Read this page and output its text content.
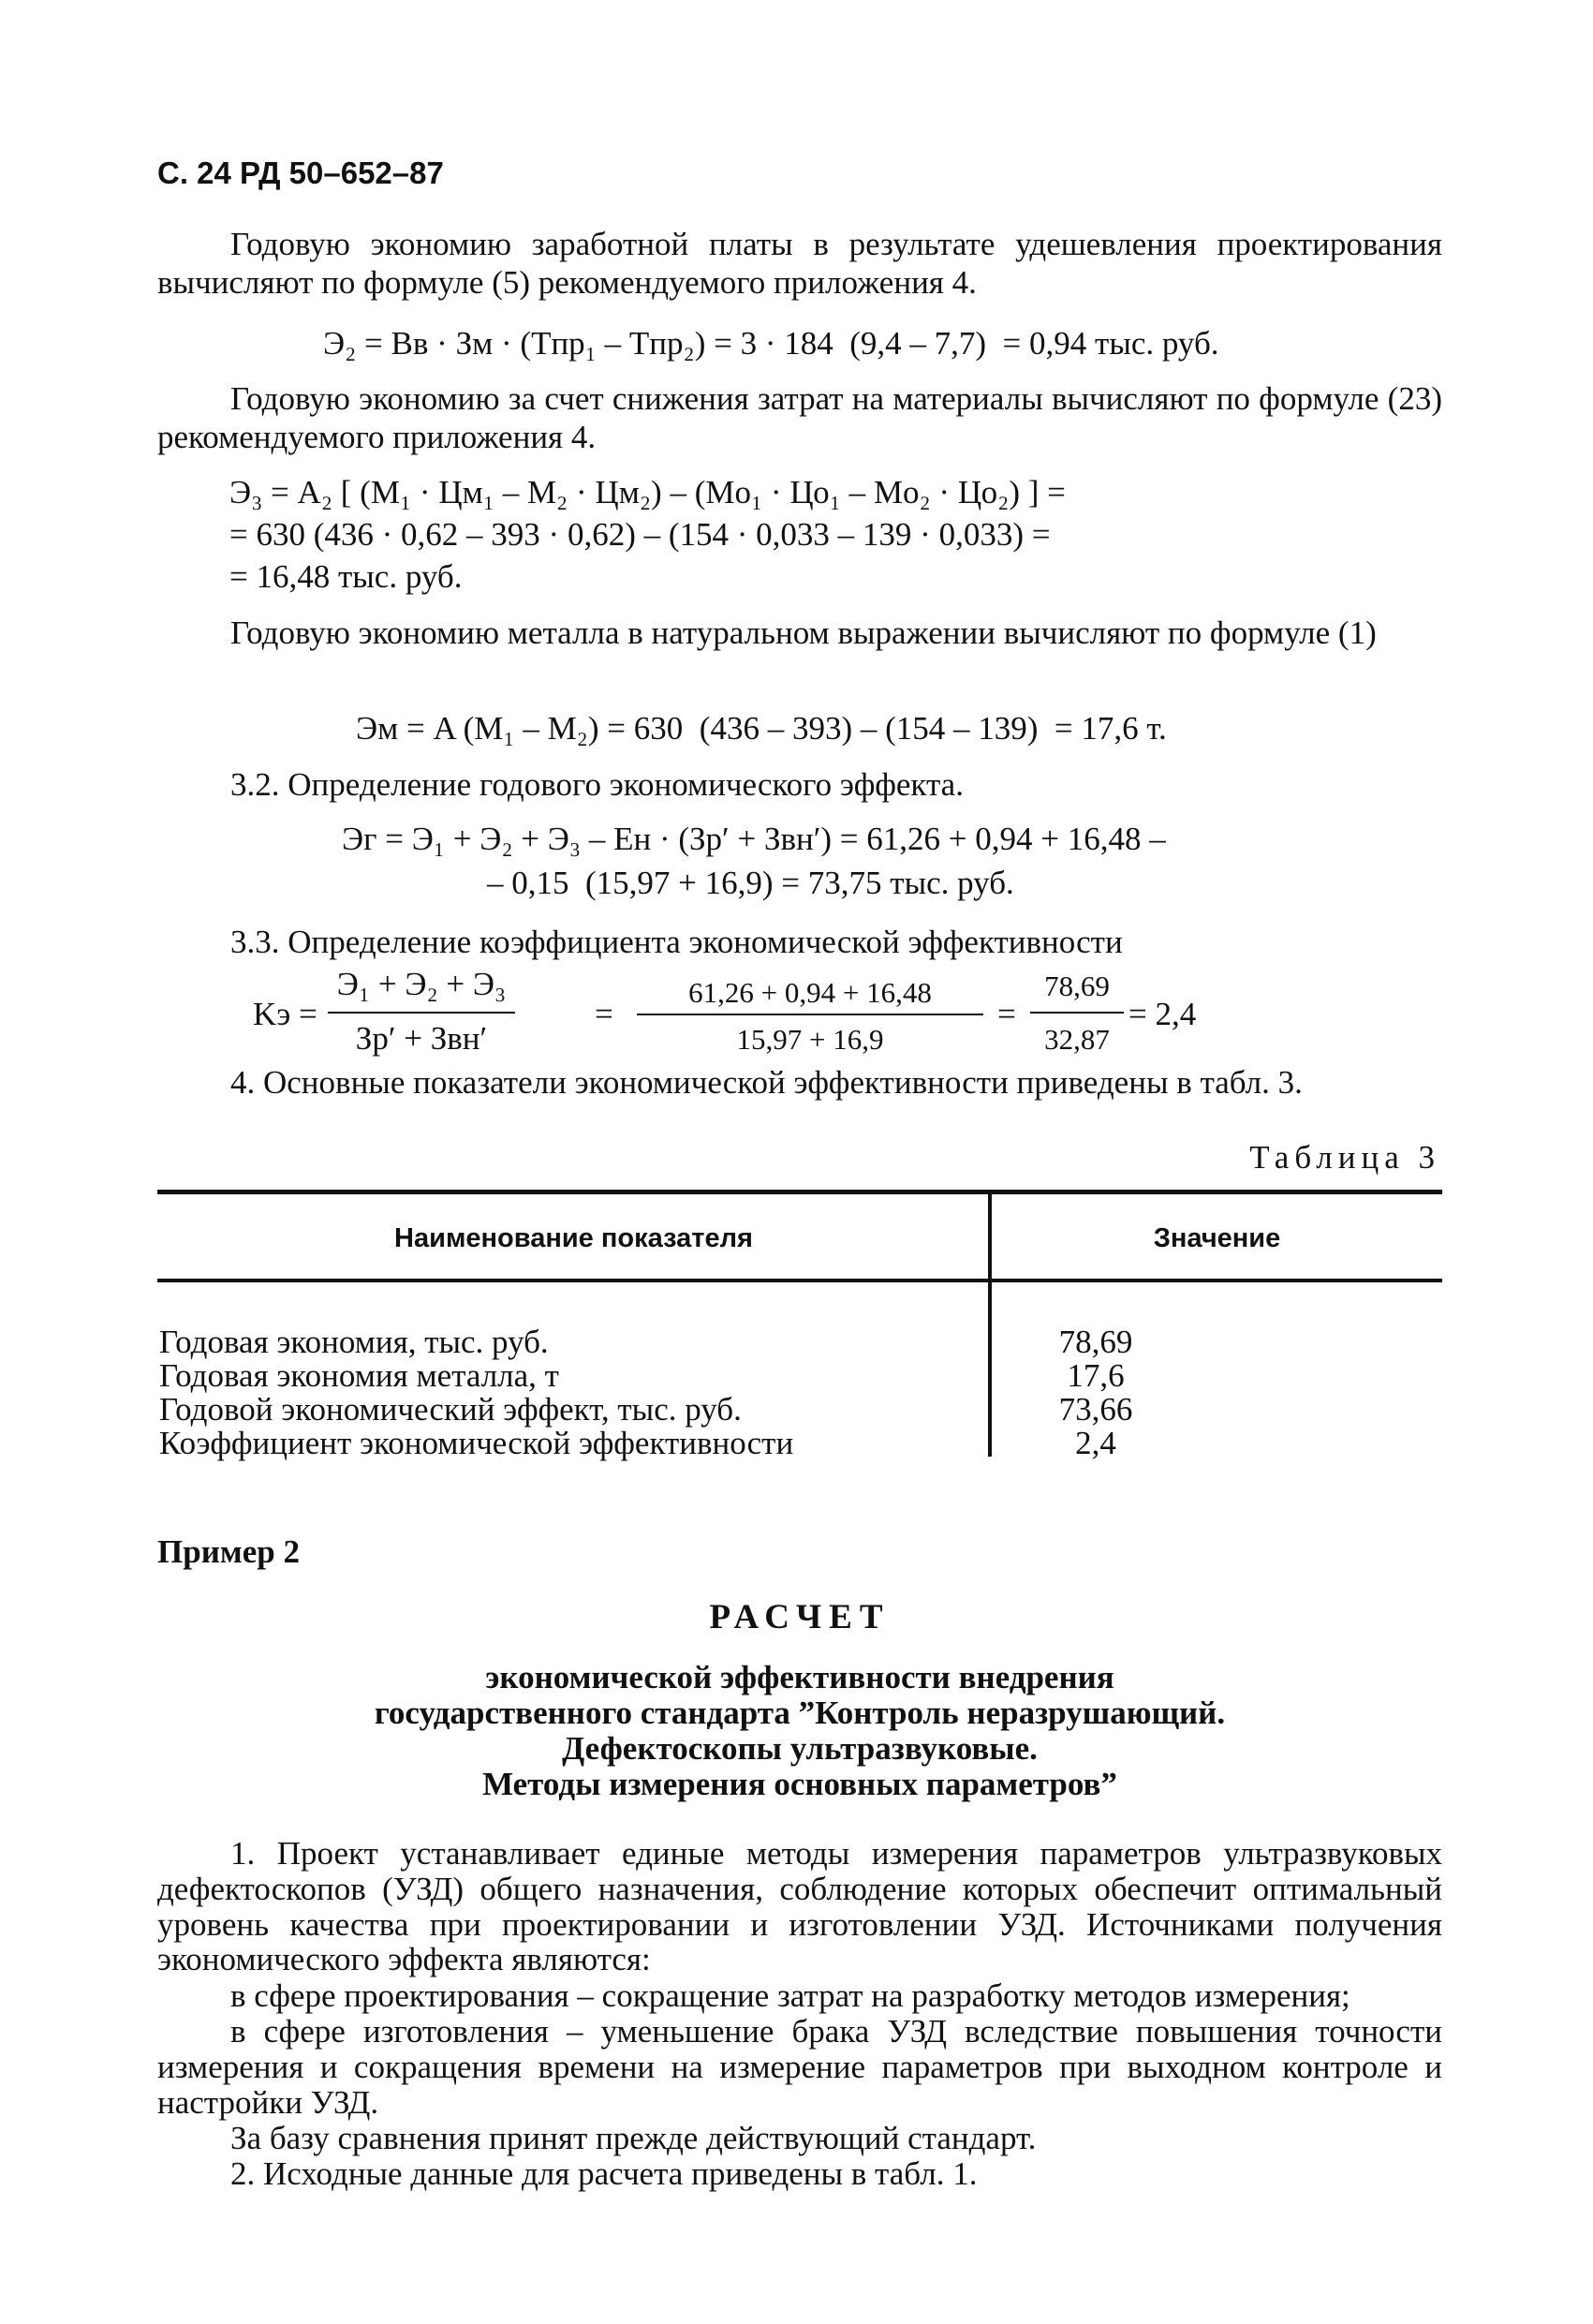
С. 24 РД 50–652–87
Годовую экономию заработной платы в результате удешевления проектирования вычисляют по формуле (5) рекомендуемого приложения 4.
Э₂ = Bв · Зм · (Tпр₁ – Tпр₂) = 3 · 184  (9,4 – 7,7)  = 0,94 тыс. руб.
Годовую экономию за счет снижения затрат на материалы вычисляют по формуле (23) рекомендуемого приложения 4.
Э₃ = A₂ [ (M₁ · Цм₁ – M₂ · Цм₂) – (Mо₁ · Цо₁ – Mо₂ · Цо₂) ] =
= 630 (436 · 0,62 – 393 · 0,62) – (154 · 0,033 – 139 · 0,033) =
= 16,48 тыс. руб.
Годовую экономию металла в натуральном выражении вычисляют по формуле (1)
Эм = A (M₁ – M₂) = 630  (436 – 393) – (154 – 139)  = 17,6 т.
3.2. Определение годового экономического эффекта.
Эг = Э₁ + Э₂ + Э₃ – Eн · (Зр′ + Звн′) = 61,26 + 0,94 + 16,48 –
– 0,15  (15,97 + 16,9) = 73,75 тыс. руб.
3.3. Определение коэффициента экономической эффективности
Kэ =
Э₁ + Э₂ + Э₃
Зр′ + Звн′
=
61,26 + 0,94 + 16,48
15,97 + 16,9
=
78,69
32,87
= 2,4
4. Основные показатели экономической эффективности приведены в табл. 3.
Таблица 3
Наименование показателя	Значение
Годовая экономия, тыс. руб.	78,69
Годовая экономия металла, т	17,6
Годовой экономический эффект, тыс. руб.	73,66
Коэффициент экономической эффективности	2,4
Пример 2
РАСЧЕТ
экономической эффективности внедрения
государственного стандарта ”Контроль неразрушающий.
Дефектоскопы ультразвуковые.
Методы измерения основных параметров”
1. Проект устанавливает единые методы измерения параметров ультразвуковых дефектоскопов (УЗД) общего назначения, соблюдение которых обеспечит оптимальный уровень качества при проектировании и изготовлении УЗД. Источниками получения экономического эффекта являются:
в сфере проектирования – сокращение затрат на разработку методов измерения;
в сфере изготовления – уменьшение брака УЗД вследствие повышения точности измерения и сокращения времени на измерение параметров при выходном контроле и настройки УЗД.
За базу сравнения принят прежде действующий стандарт.
2. Исходные данные для расчета приведены в табл. 1.
